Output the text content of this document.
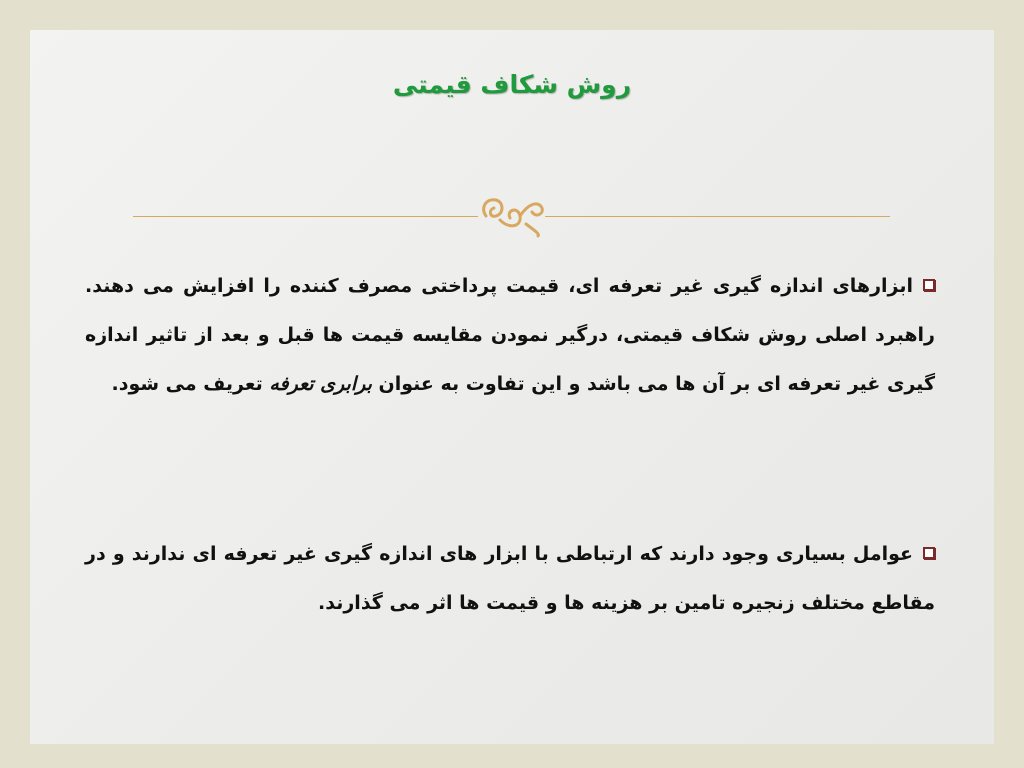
روش شکاف قیمتی
ابزارهای اندازه گیری غیر تعرفه ای، قیمت پرداختی مصرف کننده را افزایش می دهند. راهبرد اصلی روش شکاف قیمتی، درگیر نمودن مقایسه قیمت ها قبل و بعد از تاثیر اندازه گیری غیر تعرفه ای بر آن ها می باشد و این تفاوت به عنوان برابری تعرفه تعریف می شود.
عوامل بسیاری وجود دارند که ارتباطی با ابزار های اندازه گیری غیر تعرفه ای ندارند و در مقاطع مختلف زنجیره تامین بر هزینه ها و قیمت ها اثر می گذارند.
